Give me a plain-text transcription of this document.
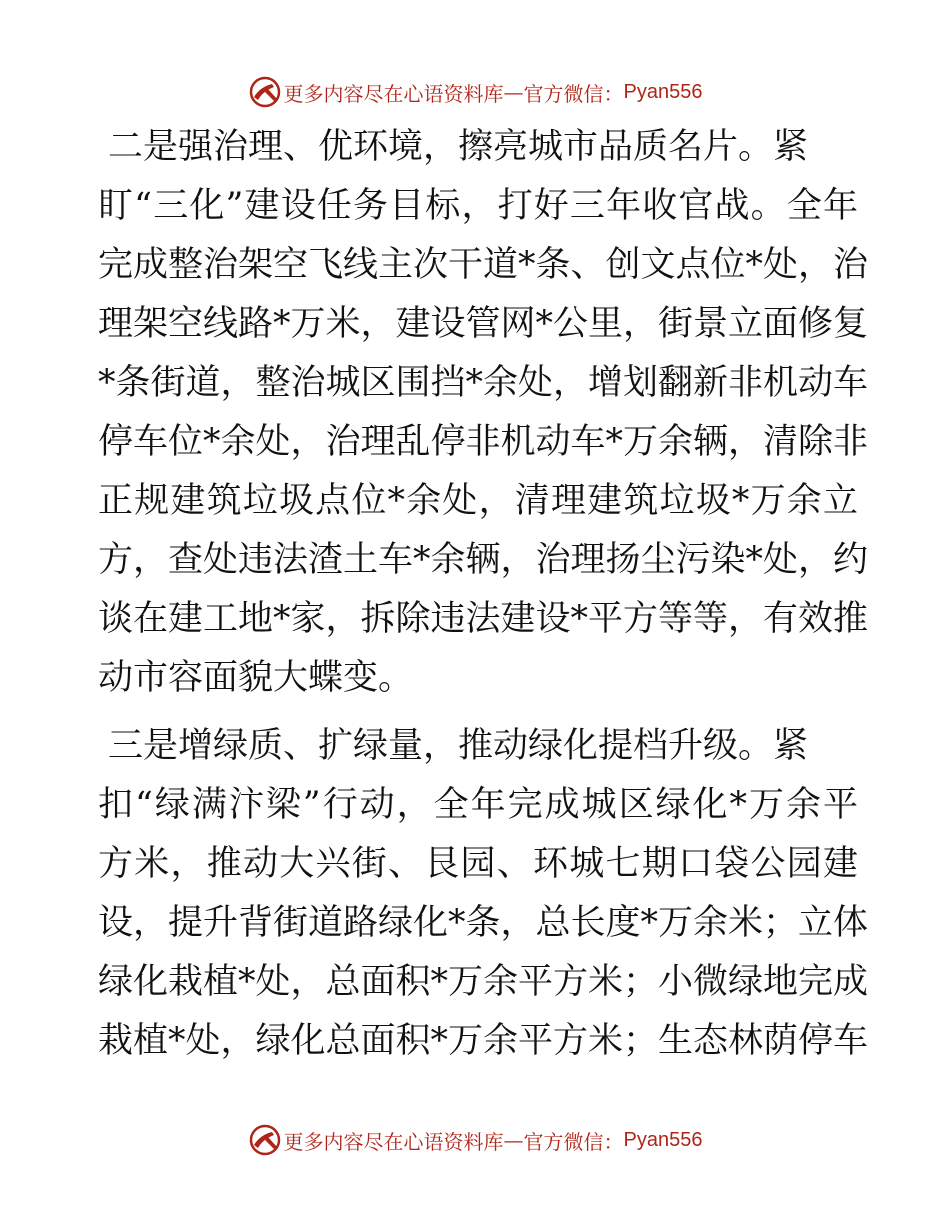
更多内容尽在心语资料库 — 官方微信： Pyan556
二是强治理、优环境，擦亮城市品质名片。紧
盯“三化”建设任务目标，打好三年收官战。全年
完成整治架空飞线主次干道*条、创文点位*处，治
理架空线路*万米，建设管网*公里，街景立面修复
*条街道，整治城区围挡*余处，增划翻新非机动车
停车位*余处，治理乱停非机动车*万余辆，清除非
正规建筑垃圾点位*余处，清理建筑垃圾*万余立
方，查处违法渣土车*余辆，治理扬尘污染*处，约
谈在建工地*家，拆除违法建设*平方等等，有效推
动市容面貌大蝶变。
三是增绿质、扩绿量，推动绿化提档升级。紧
扣“绿满汴梁”行动，全年完成城区绿化*万余平
方米，推动大兴街、艮园、环城七期口袋公园建
设，提升背街道路绿化*条，总长度*万余米；立体
绿化栽植*处，总面积*万余平方米；小微绿地完成
栽植*处，绿化总面积*万余平方米；生态林荫停车
更多内容尽在心语资料库 — 官方微信： Pyan556
